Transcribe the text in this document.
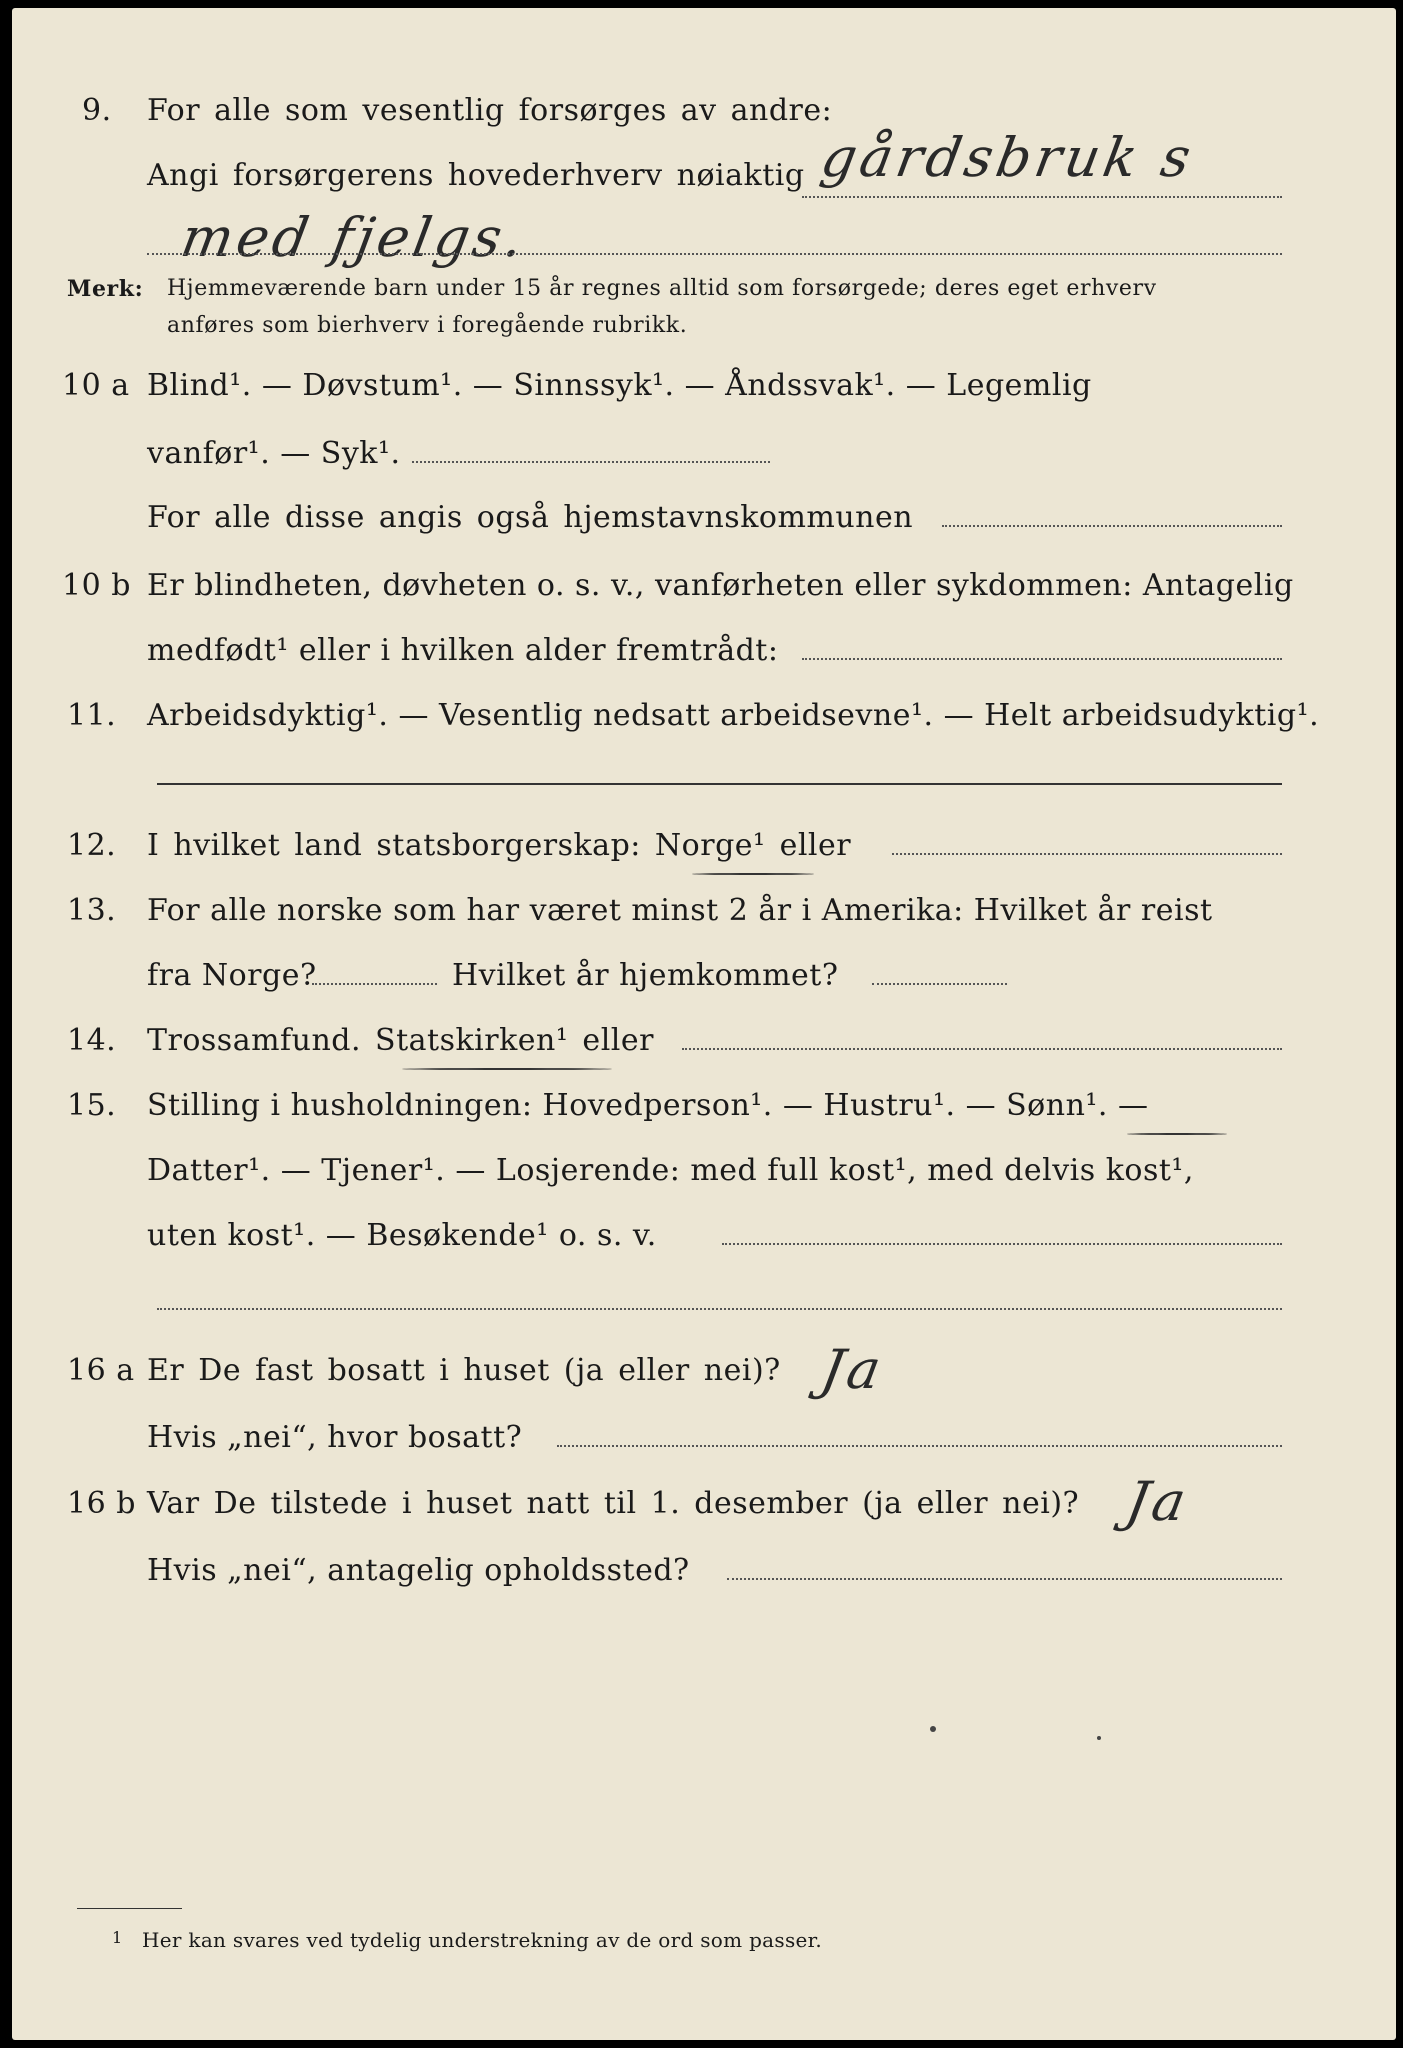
9. For alle som vesentlig forsørges av andre:
Angi forsørgerens hovederhverv nøiaktig gårdsbruk s
med fjelgs.
Merk: Hjemmeværende barn under 15 år regnes alltid som forsørgede; deres eget erhverv
anføres som bierhverv i foregående rubrikk.
10 a Blind¹. — Døvstum¹. — Sinnssyk¹. — Åndssvak¹. — Legemlig
vanfør¹. — Syk¹.
For alle disse angis også hjemstavnskommunen
10 b Er blindheten, døvheten o. s. v., vanførheten eller sykdommen: Antagelig
medfødt¹ eller i hvilken alder fremtrådt:
11. Arbeidsdyktig¹. — Vesentlig nedsatt arbeidsevne¹. — Helt arbeidsudyktig¹.
12. I hvilket land statsborgerskap: Norge¹ eller
13. For alle norske som har været minst 2 år i Amerika: Hvilket år reist
fra Norge?	Hvilket år hjemkommet?
14. Trossamfund. Statskirken¹ eller
15. Stilling i husholdningen: Hovedperson¹. — Hustru¹. — Sønn¹. —
Datter¹. — Tjener¹. — Losjerende: med full kost¹, med delvis kost¹,
uten kost¹. — Besøkende¹ o. s. v.
16 a Er De fast bosatt i huset (ja eller nei)? Ja
Hvis „nei“, hvor bosatt?
16 b Var De tilstede i huset natt til 1. desember (ja eller nei)? Ja
Hvis „nei“, antagelig opholdssted?
1 Her kan svares ved tydelig understrekning av de ord som passer.
